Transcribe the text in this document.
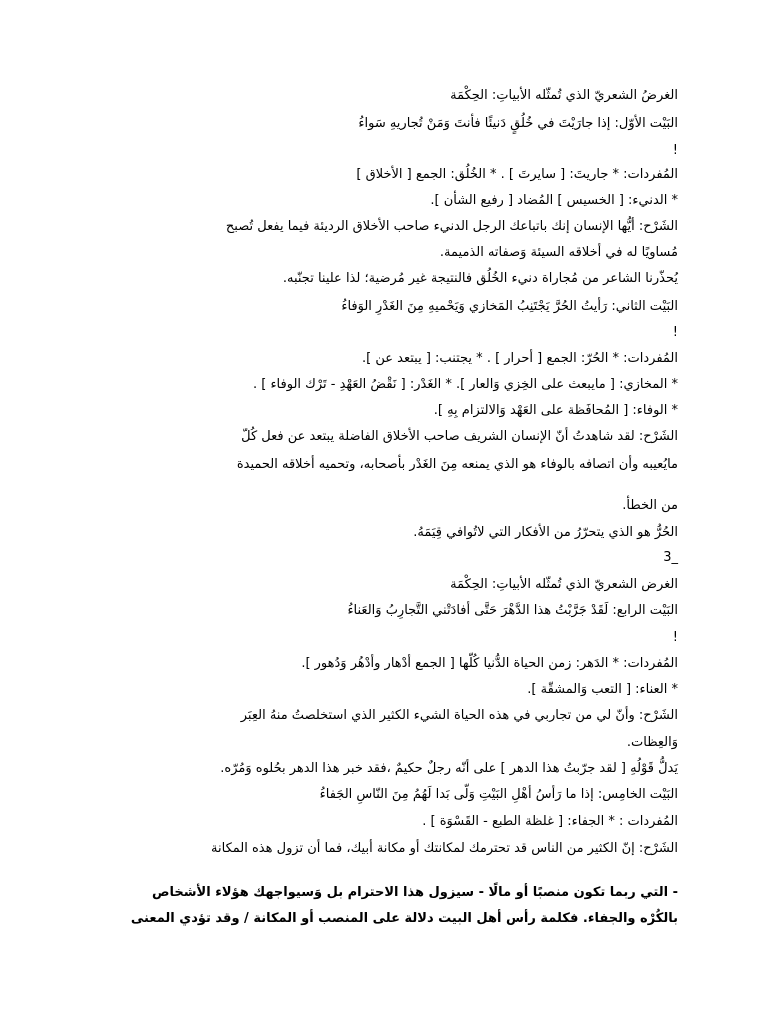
الغرضُ الشعريّ الذي تُمثّله الأبياتِ: الحِكْمَة
البَيْت الأوّل: إذا جارَيْتَ في خُلُقٍ دَنيئًا فأنتَ وَمَنْ تُجاريهِ سَواءُ
!
المُفردات: * جاريتَ: [ سايرتَ ] . * الخُلُق: الجمع [ الأخلاق ]
* الدنيء: [ الخسيس ] المُضاد [ رفيع الشأن ].
الشَرْح: أيُّها الإنسان إنك باتباعك الرجل الدنيء صاحب الأخلاق الرديئة فيما يفعل تُصبح
مُساويًا له في أخلاقه السيئة وَصفاته الذميمة.
يُحذّرنا الشاعر من مُجاراة دنيء الخُلُق فالنتيجة غير مُرضية؛ لذا علينا تجنّبه.
البَيْت الثاني: رَأيتُ الحُرَّ يَجْتَنِبُ المَخازي وَيَحْميهِ مِنَ الغَدْرِ الوَفاءُ
!
المُفردات: * الحُرّ: الجمع [ أحرار ] . * يجتنب: [ يبتعد عن ].
* المخازي: [ مايبعث على الخِزي وَالعار ]. * الغَدْر: [ نَقْضُ العَهْدِ - تَرْك الوفاء ] .
* الوفاء: [ المُحافَظة على العَهْد وَالالتزام بِهِ ].
الشَرْح: لقد شاهدتُ أنّ الإنسان الشريف صاحب الأخلاق الفاضلة يبتعد عن فعل كُلّ
مايُعيبه وأن اتصافه بالوفاء هو الذي يمنعه مِنَ الغَدْر بأصحابه، وتحميه أخلاقه الحميدة
من الخطأ.
الحُرُّ هو الذي يتحرّرُ من الأفكار التي لاتُوافي قِيَمَهُ.
3_
الغرض الشعريّ الذي تُمثّله الأبياتِ: الحِكْمَة
البَيْت الرابع: لَقَدْ جَرَّبْتُ هذا الدَّهْرَ حَتَّى أفادَتْني التَّجارِبُ وَالعَناءُ
!
المُفردات: * الدَهر: زمن الحياة الدُّنيا كُلّها [ الجمع أدْهار وأدْهُر وَدُهور ].
* العناء: [ التعب وَالمشقّة ].
الشَرْح: وأنّ لي من تجاربي في هذه الحياة الشيء الكثير الذي استخلصتُ منهُ العِبَر
وَالعِظات.
يَدلُّ قَوْلُهِ [ لقد جرّبتُ هذا الدهر ] على أنّه رجلٌ حكيمٌ ،فقد خبر هذا الدهر بحُلوه وَمُرّه.
البَيْت الخامِس: إذا ما رَأسُ أهْلِ البَيْتِ وَلّى بَدا لَهُمُ مِنَ النّاسِ الجَفاءُ
المُفردات : * الجفاء: [ غلظة الطبع - القَسْوَة ] .
الشَرْح: إنّ الكثير من الناس قد تحترمك لمكانتك أو مكانة أبيك، فما أن تزول هذه المكانة
- التي ربما تكون منصبًا أو مالًا - سيزول هذا الاحترام بل وَسيواجهك هؤلاء الأشخاص
بالكُرْه والجفاء. فكلمة رأس أهل البيت دلالة على المنصب أو المكانة / وقد تؤدي المعنى
